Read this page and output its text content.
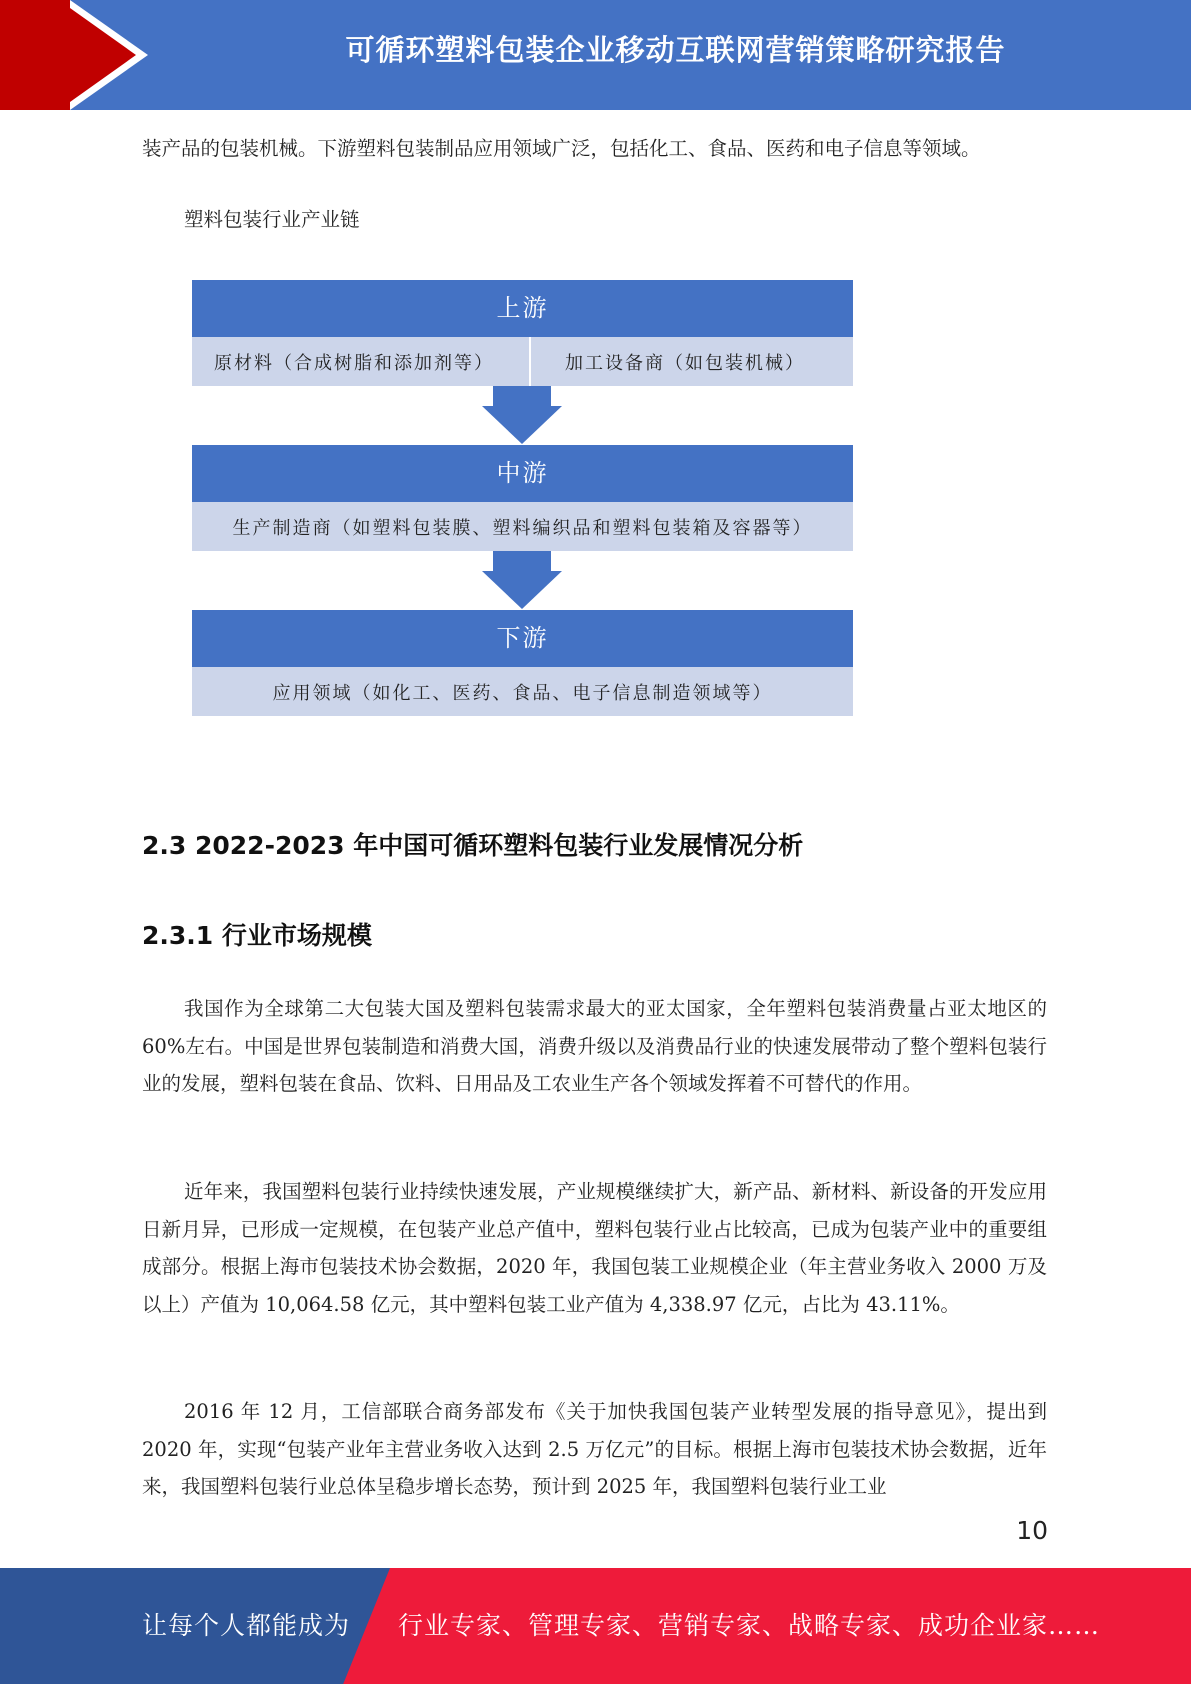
可循环塑料包装企业移动互联网营销策略研究报告

装产品的包装机械。下游塑料包装制品应用领域广泛，包括化工、食品、医药和电子信息等领域。

塑料包装行业产业链
上游
原材料（合成树脂和添加剂等）	加工设备商（如包装机械）
中游
生产制造商（如塑料包装膜、塑料编织品和塑料包装箱及容器等）
下游
应用领域（如化工、医药、食品、电子信息制造领域等）
2.3 2022-2023 年中国可循环塑料包装行业发展情况分析
2.3.1 行业市场规模

我国作为全球第二大包装大国及塑料包装需求最大的亚太国家，全年塑料包装消费量占亚太地区的 60%左右。中国是世界包装制造和消费大国，消费升级以及消费品行业的快速发展带动了整个塑料包装行业的发展，塑料包装在食品、饮料、日用品及工农业生产各个领域发挥着不可替代的作用。

近年来，我国塑料包装行业持续快速发展，产业规模继续扩大，新产品、新材料、新设备的开发应用日新月异，已形成一定规模，在包装产业总产值中，塑料包装行业占比较高，已成为包装产业中的重要组成部分。根据上海市包装技术协会数据，2020 年，我国包装工业规模企业（年主营业务收入 2000 万及以上）产值为 10,064.58 亿元，其中塑料包装工业产值为 4,338.97 亿元，占比为 43.11%。

2016 年 12 月，工信部联合商务部发布《关于加快我国包装产业转型发展的指导意见》，提出到 2020 年，实现“包装产业年主营业务收入达到 2.5 万亿元”的目标。根据上海市包装技术协会数据，近年来，我国塑料包装行业总体呈稳步增长态势，预计到 2025 年，我国塑料包装行业工业

10
让每个人都能成为 行业专家、管理专家、营销专家、战略专家、成功企业家……
